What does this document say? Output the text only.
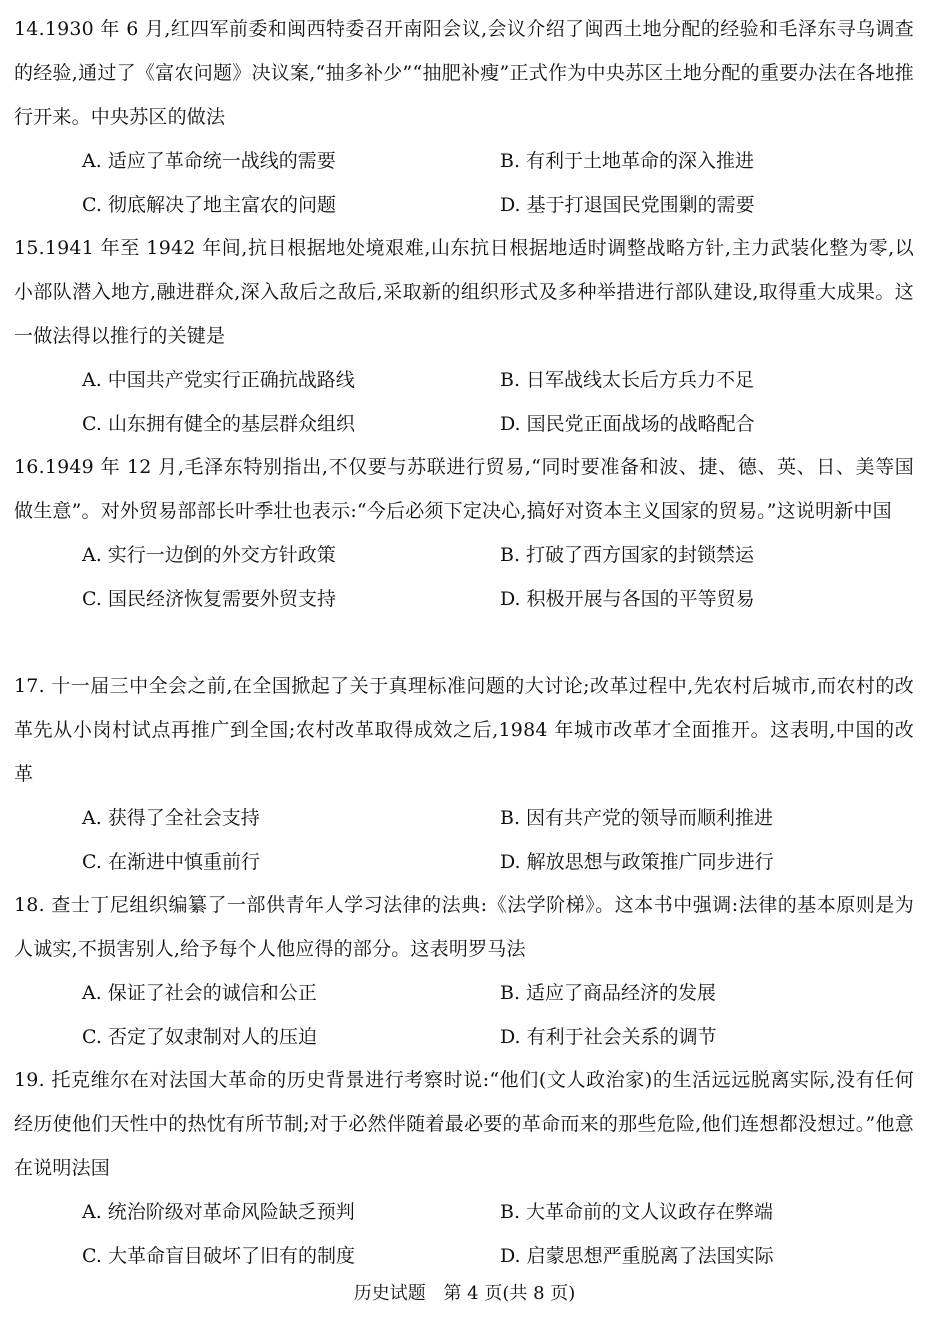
14.1930 年 6 月,红四军前委和闽西特委召开南阳会议,会议介绍了闽西土地分配的经验和毛泽东寻乌调查的经验,通过了《富农问题》决议案,“抽多补少”“抽肥补瘦”正式作为中央苏区土地分配的重要办法在各地推行开来。中央苏区的做法

A. 适应了革命统一战线的需要	B. 有利于土地革命的深入推进
C. 彻底解决了地主富农的问题	D. 基于打退国民党围剿的需要

15.1941 年至 1942 年间,抗日根据地处境艰难,山东抗日根据地适时调整战略方针,主力武装化整为零,以小部队潜入地方,融进群众,深入敌后之敌后,采取新的组织形式及多种举措进行部队建设,取得重大成果。这一做法得以推行的关键是

A. 中国共产党实行正确抗战路线	B. 日军战线太长后方兵力不足
C. 山东拥有健全的基层群众组织	D. 国民党正面战场的战略配合

16.1949 年 12 月,毛泽东特别指出,不仅要与苏联进行贸易,“同时要准备和波、捷、德、英、日、美等国做生意”。对外贸易部部长叶季壮也表示:“今后必须下定决心,搞好对资本主义国家的贸易。”这说明新中国

A. 实行一边倒的外交方针政策	B. 打破了西方国家的封锁禁运
C. 国民经济恢复需要外贸支持	D. 积极开展与各国的平等贸易

17. 十一届三中全会之前,在全国掀起了关于真理标准问题的大讨论;改革过程中,先农村后城市,而农村的改革先从小岗村试点再推广到全国;农村改革取得成效之后,1984 年城市改革才全面推开。这表明,中国的改革

A. 获得了全社会支持	B. 因有共产党的领导而顺利推进
C. 在渐进中慎重前行	D. 解放思想与政策推广同步进行

18. 查士丁尼组织编纂了一部供青年人学习法律的法典:《法学阶梯》。这本书中强调:法律的基本原则是为人诚实,不损害别人,给予每个人他应得的部分。这表明罗马法

A. 保证了社会的诚信和公正	B. 适应了商品经济的发展
C. 否定了奴隶制对人的压迫	D. 有利于社会关系的调节

19. 托克维尔在对法国大革命的历史背景进行考察时说:“他们(文人政治家)的生活远远脱离实际,没有任何经历使他们天性中的热忱有所节制;对于必然伴随着最必要的革命而来的那些危险,他们连想都没想过。”他意在说明法国

A. 统治阶级对革命风险缺乏预判	B. 大革命前的文人议政存在弊端
C. 大革命盲目破坏了旧有的制度	D. 启蒙思想严重脱离了法国实际
历史试题 第 4 页(共 8 页)
